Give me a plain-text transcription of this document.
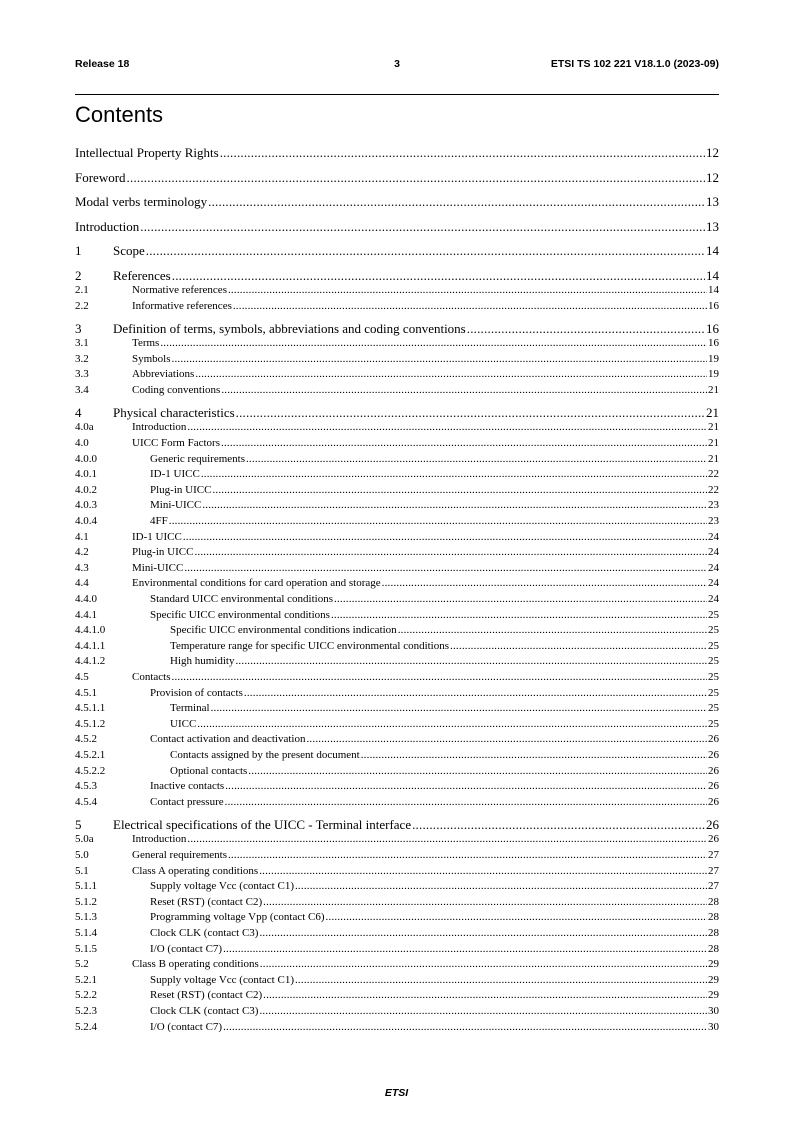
Release 18	3	ETSI TS 102 221 V18.1.0 (2023-09)
Contents
Intellectual Property Rights .....	12
Foreword .....	12
Modal verbs terminology .....	13
Introduction .....	13
1	Scope .....	14
2	References .....	14
2.1	Normative references .....	14
2.2	Informative references .....	16
3	Definition of terms, symbols, abbreviations and coding conventions .....	16
3.1	Terms .....	16
3.2	Symbols .....	19
3.3	Abbreviations .....	19
3.4	Coding conventions .....	21
4	Physical characteristics .....	21
4.0a	Introduction .....	21
4.0	UICC Form Factors .....	21
4.0.0	Generic requirements .....	21
4.0.1	ID-1 UICC .....	22
4.0.2	Plug-in UICC .....	22
4.0.3	Mini-UICC .....	23
4.0.4	4FF .....	23
4.1	ID-1 UICC .....	24
4.2	Plug-in UICC .....	24
4.3	Mini-UICC .....	24
4.4	Environmental conditions for card operation and storage .....	24
4.4.0	Standard UICC environmental conditions .....	24
4.4.1	Specific UICC environmental conditions .....	25
4.4.1.0	Specific UICC environmental conditions indication .....	25
4.4.1.1	Temperature range for specific UICC environmental conditions .....	25
4.4.1.2	High humidity .....	25
4.5	Contacts .....	25
4.5.1	Provision of contacts .....	25
4.5.1.1	Terminal .....	25
4.5.1.2	UICC .....	25
4.5.2	Contact activation and deactivation .....	26
4.5.2.1	Contacts assigned by the present document .....	26
4.5.2.2	Optional contacts .....	26
4.5.3	Inactive contacts .....	26
4.5.4	Contact pressure .....	26
5	Electrical specifications of the UICC - Terminal interface .....	26
5.0a	Introduction .....	26
5.0	General requirements .....	27
5.1	Class A operating conditions .....	27
5.1.1	Supply voltage Vcc (contact C1) .....	27
5.1.2	Reset (RST) (contact C2) .....	28
5.1.3	Programming voltage Vpp (contact C6) .....	28
5.1.4	Clock CLK (contact C3) .....	28
5.1.5	I/O (contact C7) .....	28
5.2	Class B operating conditions .....	29
5.2.1	Supply voltage Vcc (contact C1) .....	29
5.2.2	Reset (RST) (contact C2) .....	29
5.2.3	Clock CLK (contact C3) .....	30
5.2.4	I/O (contact C7) .....	30
ETSI
